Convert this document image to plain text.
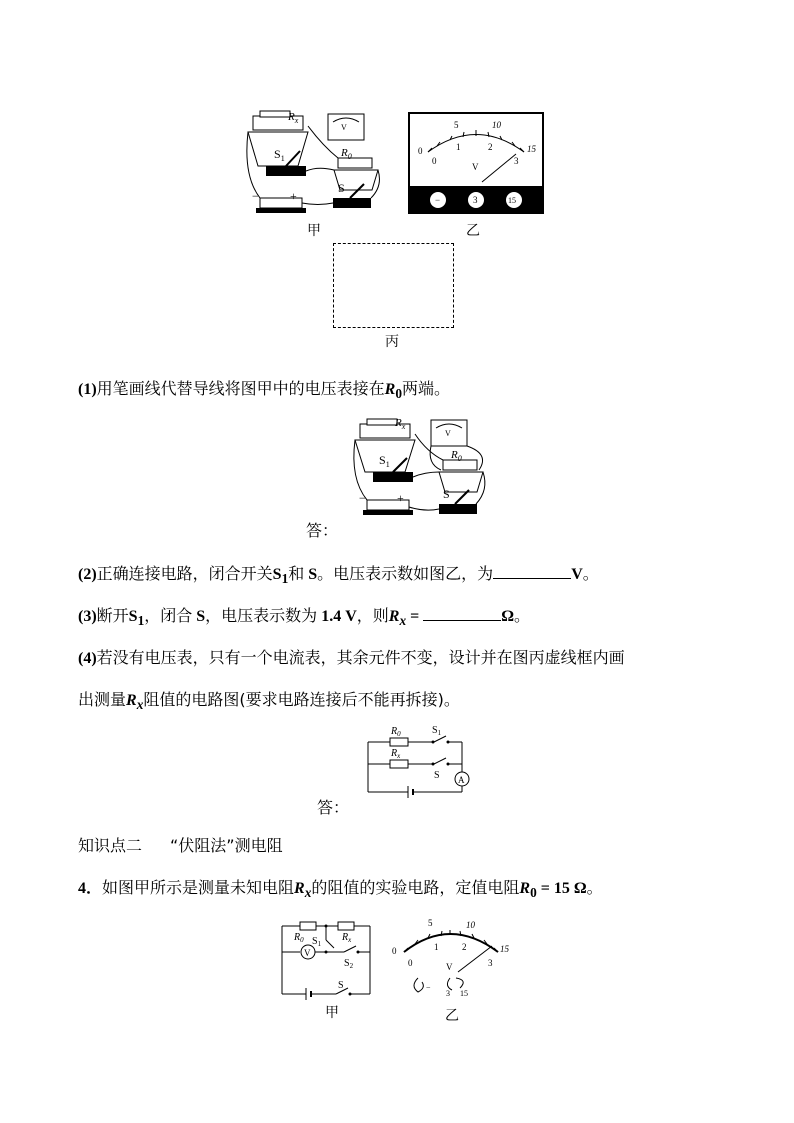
$R_x$
$S_1$	$R_0$
S
V
−	+
甲
0
5	10
15
0
1	2
3
V
−	3	15
乙
丙
(1)用笔画线代替导线将图甲中的电压表接在$R_0$两端。
$R_x$
$S_1$
$R_0$
S
V
−	+
答：
(2)正确连接电路，闭合开关$S_1$和 S。电压表示数如图乙，为	V。
(3)断开$S_1$，闭合 S，电压表示数为 1.4 V，则$R_x$ =	Ω。
(4)若没有电压表，只有一个电流表，其余元件不变，设计并在图丙虚线框内画
出测量$R_x$阻值的电路图(要求电路连接后不能再拆接)。
$R_0$	$S_1$
$R_x$
S A
答：
知识点二 “伏阻法”测电阻
4．如图甲所示是测量未知电阻$R_x$的阻值的实验电路，定值电阻$R_0 = 15$ Ω。
$R_0$	$R_x$
$S_1$
$S_2$
V
S
甲
0
5	10
15
0
1	2
3
V
−
3 15
乙
